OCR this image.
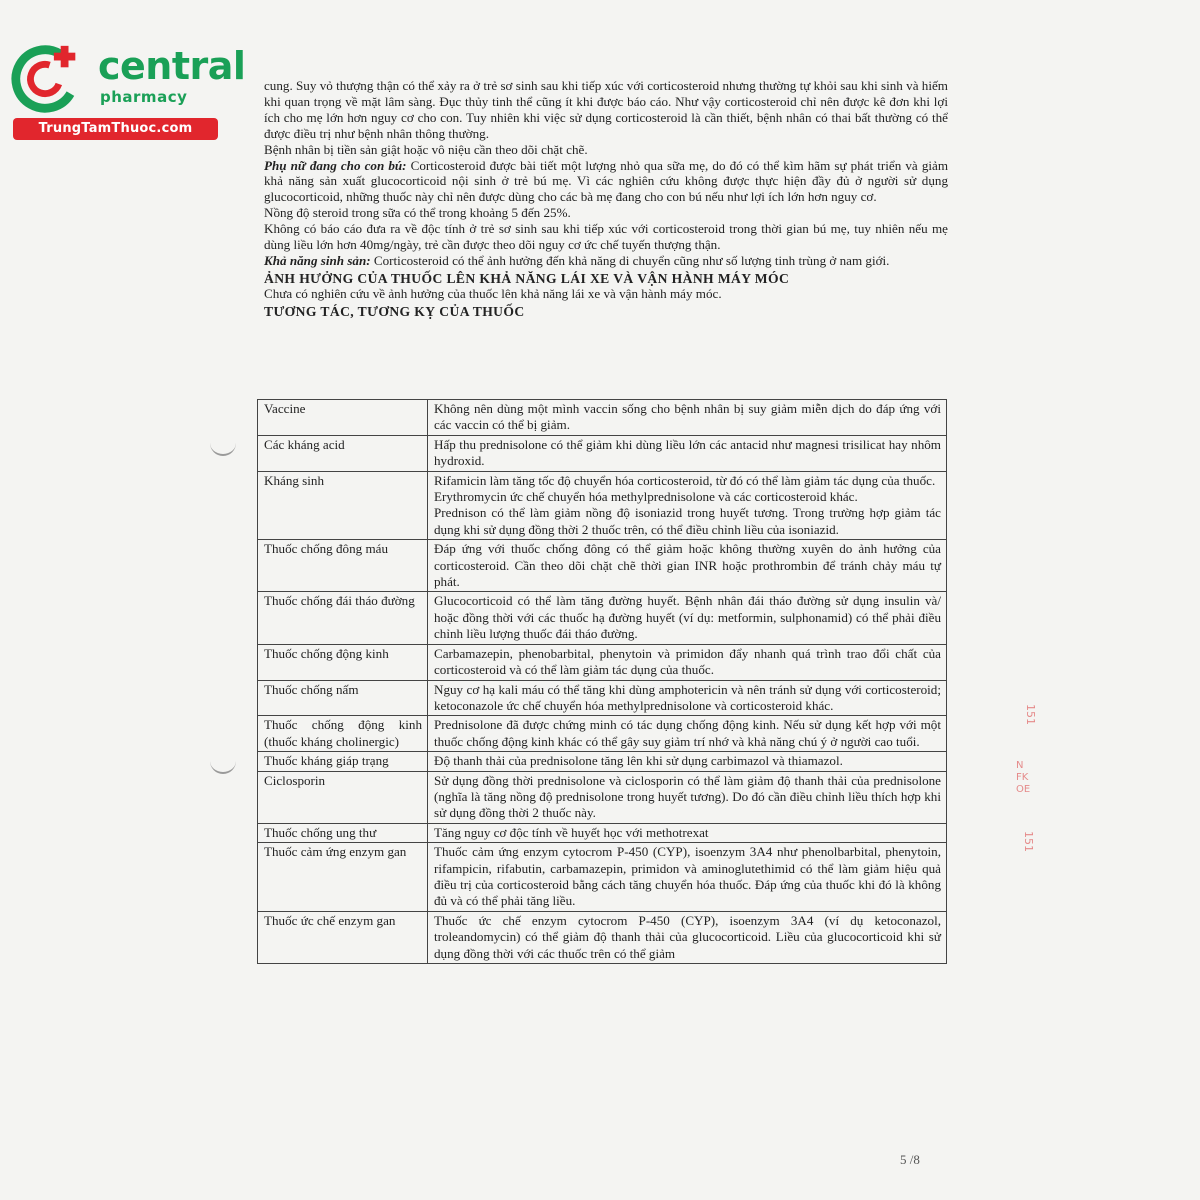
central
pharmacy
TrungTamThuoc.com

cung. Suy vỏ thượng thận có thể xảy ra ở trẻ sơ sinh sau khi tiếp xúc với corticosteroid nhưng thường tự khỏi sau khi sinh và hiếm khi quan trọng về mặt lâm sàng. Đục thủy tinh thể cũng ít khi được báo cáo. Như vậy corticosteroid chỉ nên được kê đơn khi lợi ích cho mẹ lớn hơn nguy cơ cho con. Tuy nhiên khi việc sử dụng corticosteroid là cần thiết, bệnh nhân có thai bất thường có thể được điều trị như bệnh nhân thông thường.

Bệnh nhân bị tiền sản giật hoặc vô niệu cần theo dõi chặt chẽ.

Phụ nữ đang cho con bú: Corticosteroid được bài tiết một lượng nhỏ qua sữa mẹ, do đó có thể kìm hãm sự phát triển và giảm khả năng sản xuất glucocorticoid nội sinh ở trẻ bú mẹ. Vì các nghiên cứu không được thực hiện đầy đủ ở người sử dụng glucocorticoid, những thuốc này chỉ nên được dùng cho các bà mẹ đang cho con bú nếu như lợi ích lớn hơn nguy cơ.

Nồng độ steroid trong sữa có thể trong khoảng 5 đến 25%.

Không có báo cáo đưa ra về độc tính ở trẻ sơ sinh sau khi tiếp xúc với corticosteroid trong thời gian bú mẹ, tuy nhiên nếu mẹ dùng liều lớn hơn 40mg/ngày, trẻ cần được theo dõi nguy cơ ức chế tuyến thượng thận.

Khả năng sinh sản: Corticosteroid có thể ảnh hưởng đến khả năng di chuyển cũng như số lượng tinh trùng ở nam giới.

ẢNH HƯỞNG CỦA THUỐC LÊN KHẢ NĂNG LÁI XE VÀ VẬN HÀNH MÁY MÓC

Chưa có nghiên cứu về ảnh hưởng của thuốc lên khả năng lái xe và vận hành máy móc.

TƯƠNG TÁC, TƯƠNG KỴ CỦA THUỐC
Vaccine	Không nên dùng một mình vaccin sống cho bệnh nhân bị suy giảm miễn dịch do đáp ứng với các vaccin có thể bị giảm.

Các kháng acid	Hấp thu prednisolone có thể giảm khi dùng liều lớn các antacid như magnesi trisilicat hay nhôm hydroxid.

Kháng sinh	Rifamicin làm tăng tốc độ chuyển hóa corticosteroid, từ đó có thể làm giảm tác dụng của thuốc.
Erythromycin ức chế chuyển hóa methylprednisolone và các corticosteroid khác.
Prednison có thể làm giảm nồng độ isoniazid trong huyết tương. Trong trường hợp giảm tác dụng khi sử dụng đồng thời 2 thuốc trên, có thể điều chỉnh liều của isoniazid.

Thuốc chống đông máu	Đáp ứng với thuốc chống đông có thể giảm hoặc không thường xuyên do ảnh hưởng của corticosteroid. Cần theo dõi chặt chẽ thời gian INR hoặc prothrombin để tránh chảy máu tự phát.

Thuốc chống đái tháo đường	Glucocorticoid có thể làm tăng đường huyết. Bệnh nhân đái tháo đường sử dụng insulin và/ hoặc đồng thời với các thuốc hạ đường huyết (ví dụ: metformin, sulphonamid) có thể phải điều chỉnh liều lượng thuốc đái tháo đường.

Thuốc chống động kinh	Carbamazepin, phenobarbital, phenytoin và primidon đẩy nhanh quá trình trao đổi chất của corticosteroid và có thể làm giảm tác dụng của thuốc.

Thuốc chống nấm	Nguy cơ hạ kali máu có thể tăng khi dùng amphotericin và nên tránh sử dụng với corticosteroid; ketoconazole ức chế chuyển hóa methylprednisolone và corticosteroid khác.

Thuốc chống động kinh (thuốc kháng cholinergic)	Prednisolone đã được chứng minh có tác dụng chống động kinh. Nếu sử dụng kết hợp với một thuốc chống động kinh khác có thể gây suy giảm trí nhớ và khả năng chú ý ở người cao tuổi.

Thuốc kháng giáp trạng	Độ thanh thải của prednisolone tăng lên khi sử dụng carbimazol và thiamazol.

Ciclosporin	Sử dụng đồng thời prednisolone và ciclosporin có thể làm giảm độ thanh thải của prednisolone (nghĩa là tăng nồng độ prednisolone trong huyết tương). Do đó cần điều chỉnh liều thích hợp khi sử dụng đồng thời 2 thuốc này.

Thuốc chống ung thư	Tăng nguy cơ độc tính về huyết học với methotrexat

Thuốc cảm ứng enzym gan	Thuốc cảm ứng enzym cytocrom P-450 (CYP), isoenzym 3A4 như phenolbarbital, phenytoin, rifampicin, rifabutin, carbamazepin, primidon và aminoglutethimid có thể làm giảm hiệu quả điều trị của corticosteroid bằng cách tăng chuyển hóa thuốc. Đáp ứng của thuốc khi đó là không đủ và có thể phải tăng liều.

Thuốc ức chế enzym gan	Thuốc ức chế enzym cytocrom P-450 (CYP), isoenzym 3A4 (ví dụ ketoconazol, troleandomycin) có thể giảm độ thanh thải của glucocorticoid. Liều của glucocorticoid khi sử dụng đồng thời với các thuốc trên có thể giảm
151
N FK OE
151
5 /8
